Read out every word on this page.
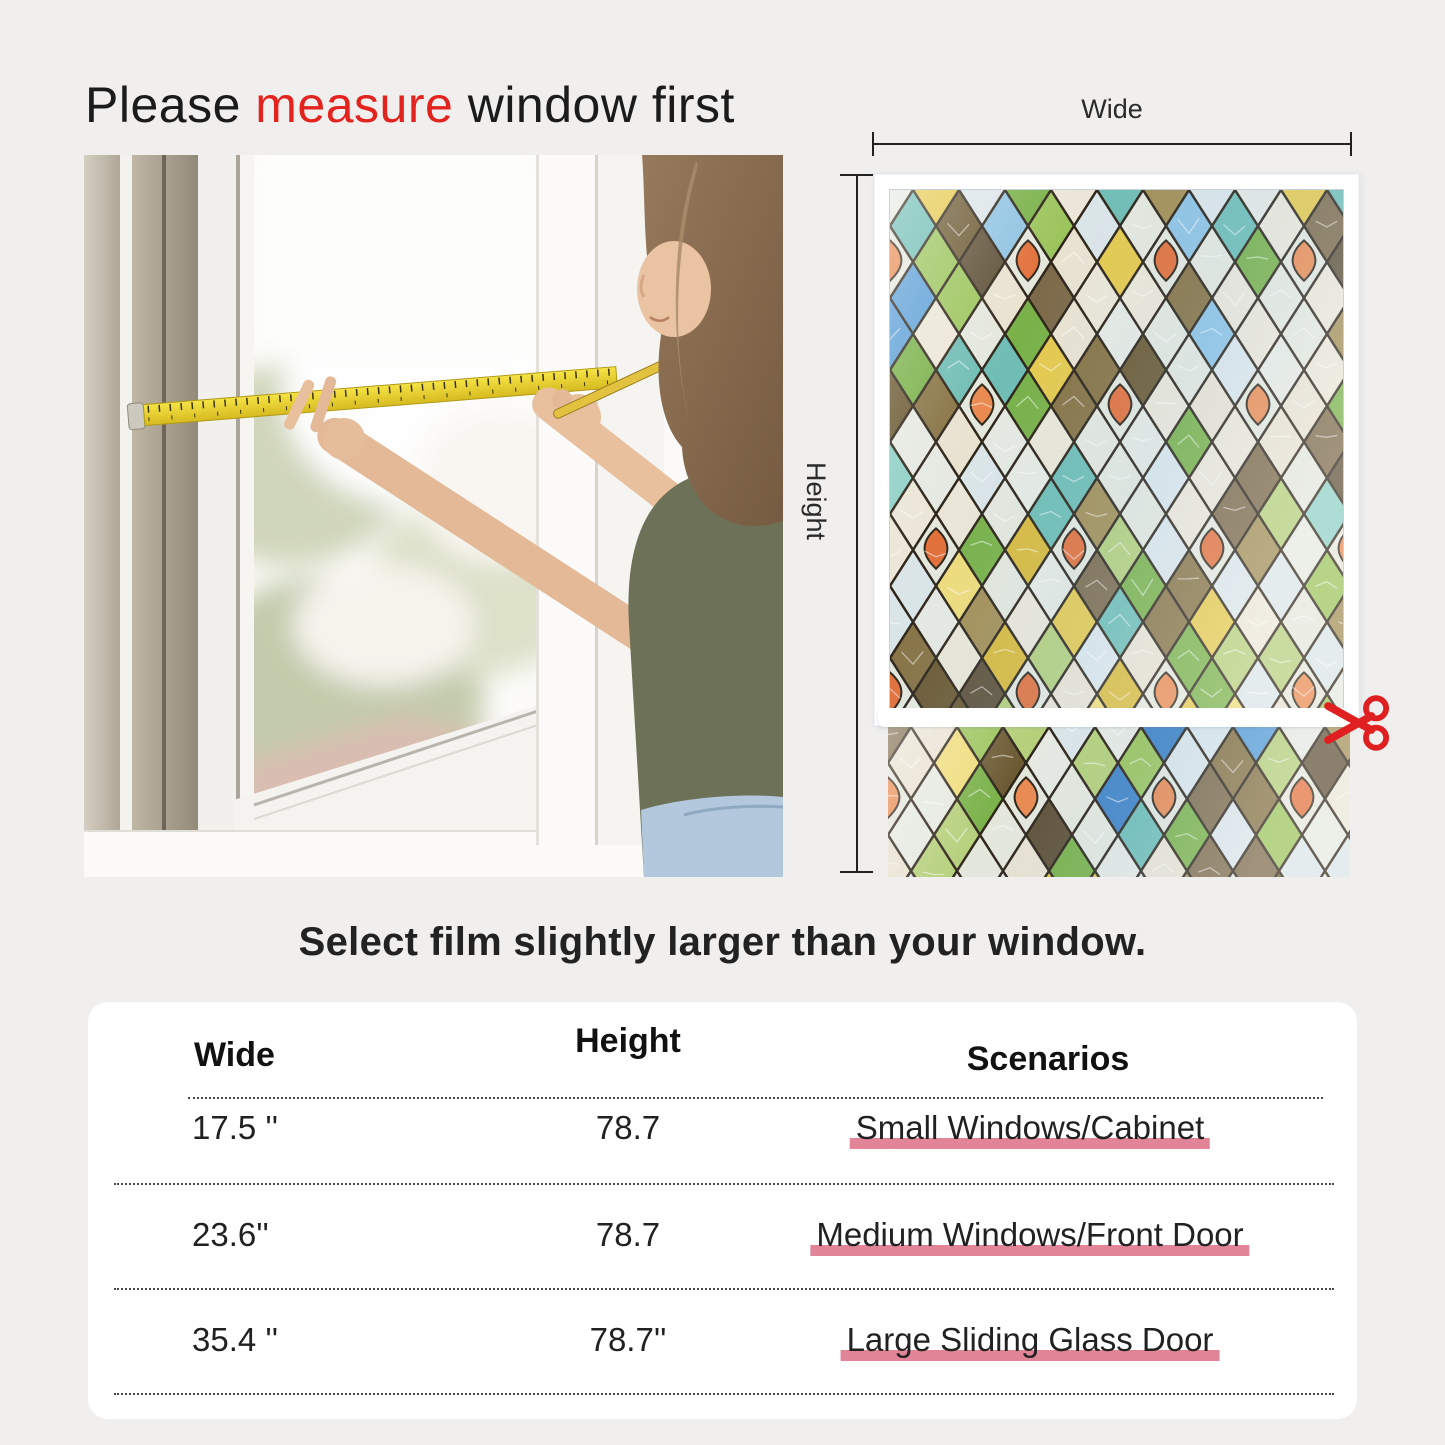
Please measure window first	Wide
Height
Select film slightly larger than your window.
Wide	Height	Scenarios
17.5 ''	78.7	Small Windows/Cabinet
23.6''	78.7	Medium Windows/Front Door
35.4 ''	78.7''	Large Sliding Glass Door
